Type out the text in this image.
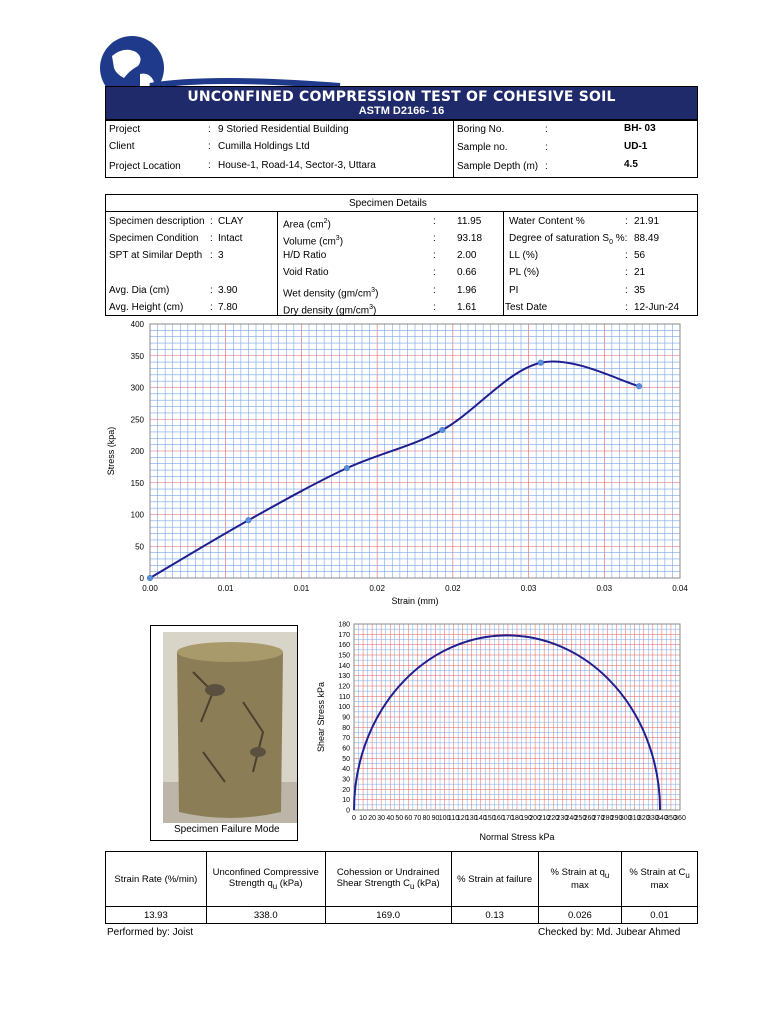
UNCONFINED COMPRESSION TEST OF COHESIVE SOIL
ASTM D2166- 16
Project	: 9 Storied Residential Building
Client	: Cumilla Holdings Ltd
Project Location	: House-1, Road-14, Sector-3, Uttara
Boring No.	:	BH- 03
Sample no.	:	UD-1
Sample Depth (m) :	4.5
Specimen Details
Specimen description : CLAY
Specimen Condition : Intact
SPT at Similar Depth : 3
Avg. Dia (cm)	: 3.90
Avg. Height (cm)	: 7.80
Area $(cm^2)$	: 11.95
Volume $(cm^3)$	: 93.18
H/D Ratio	: 2.00
Void Ratio	: 0.66
Wet density $(gm/cm^3)$	: 1.96
Dry density $(gm/cm^3)$	: 1.61
Water Content %	: 21.91
Degree of saturation $S_0$ %: 88.49
LL (%)	: 56
PL (%)	: 21
PI	: 35
Test Date	: 12-Jun-24
0
50
100
150
200
250
300
350
400
0.00	0.01	0.01	0.02	0.02	0.03	0.03	0.04
Strain (mm)
Stress (kpa)
Specimen Failure Mode
0
10
20
30
40
50
60
70
80
90
100
110
120
130
140
150
160
170
180
0 10 20 30 40 50 60 70 80 90 100
110
120
130
140
150
160
170
180
190
200
210
220
230
240
250
260
270
280
290
300
310
320
330
340
350
360
Normal Stress kPa
Shear Stress kPa
Strain Rate (%/min)	Unconfined Compressive Strength $q_u$ (kPa)	Cohession or Undrained Shear Strength $C_u$ (kPa)	% Strain at failure	% Strain at $q_u$ max	% Strain at $C_u$ max
13.93	338.0	169.0	0.13	0.026	0.01
Performed by: Joist	Checked by: Md. Jubear Ahmed
